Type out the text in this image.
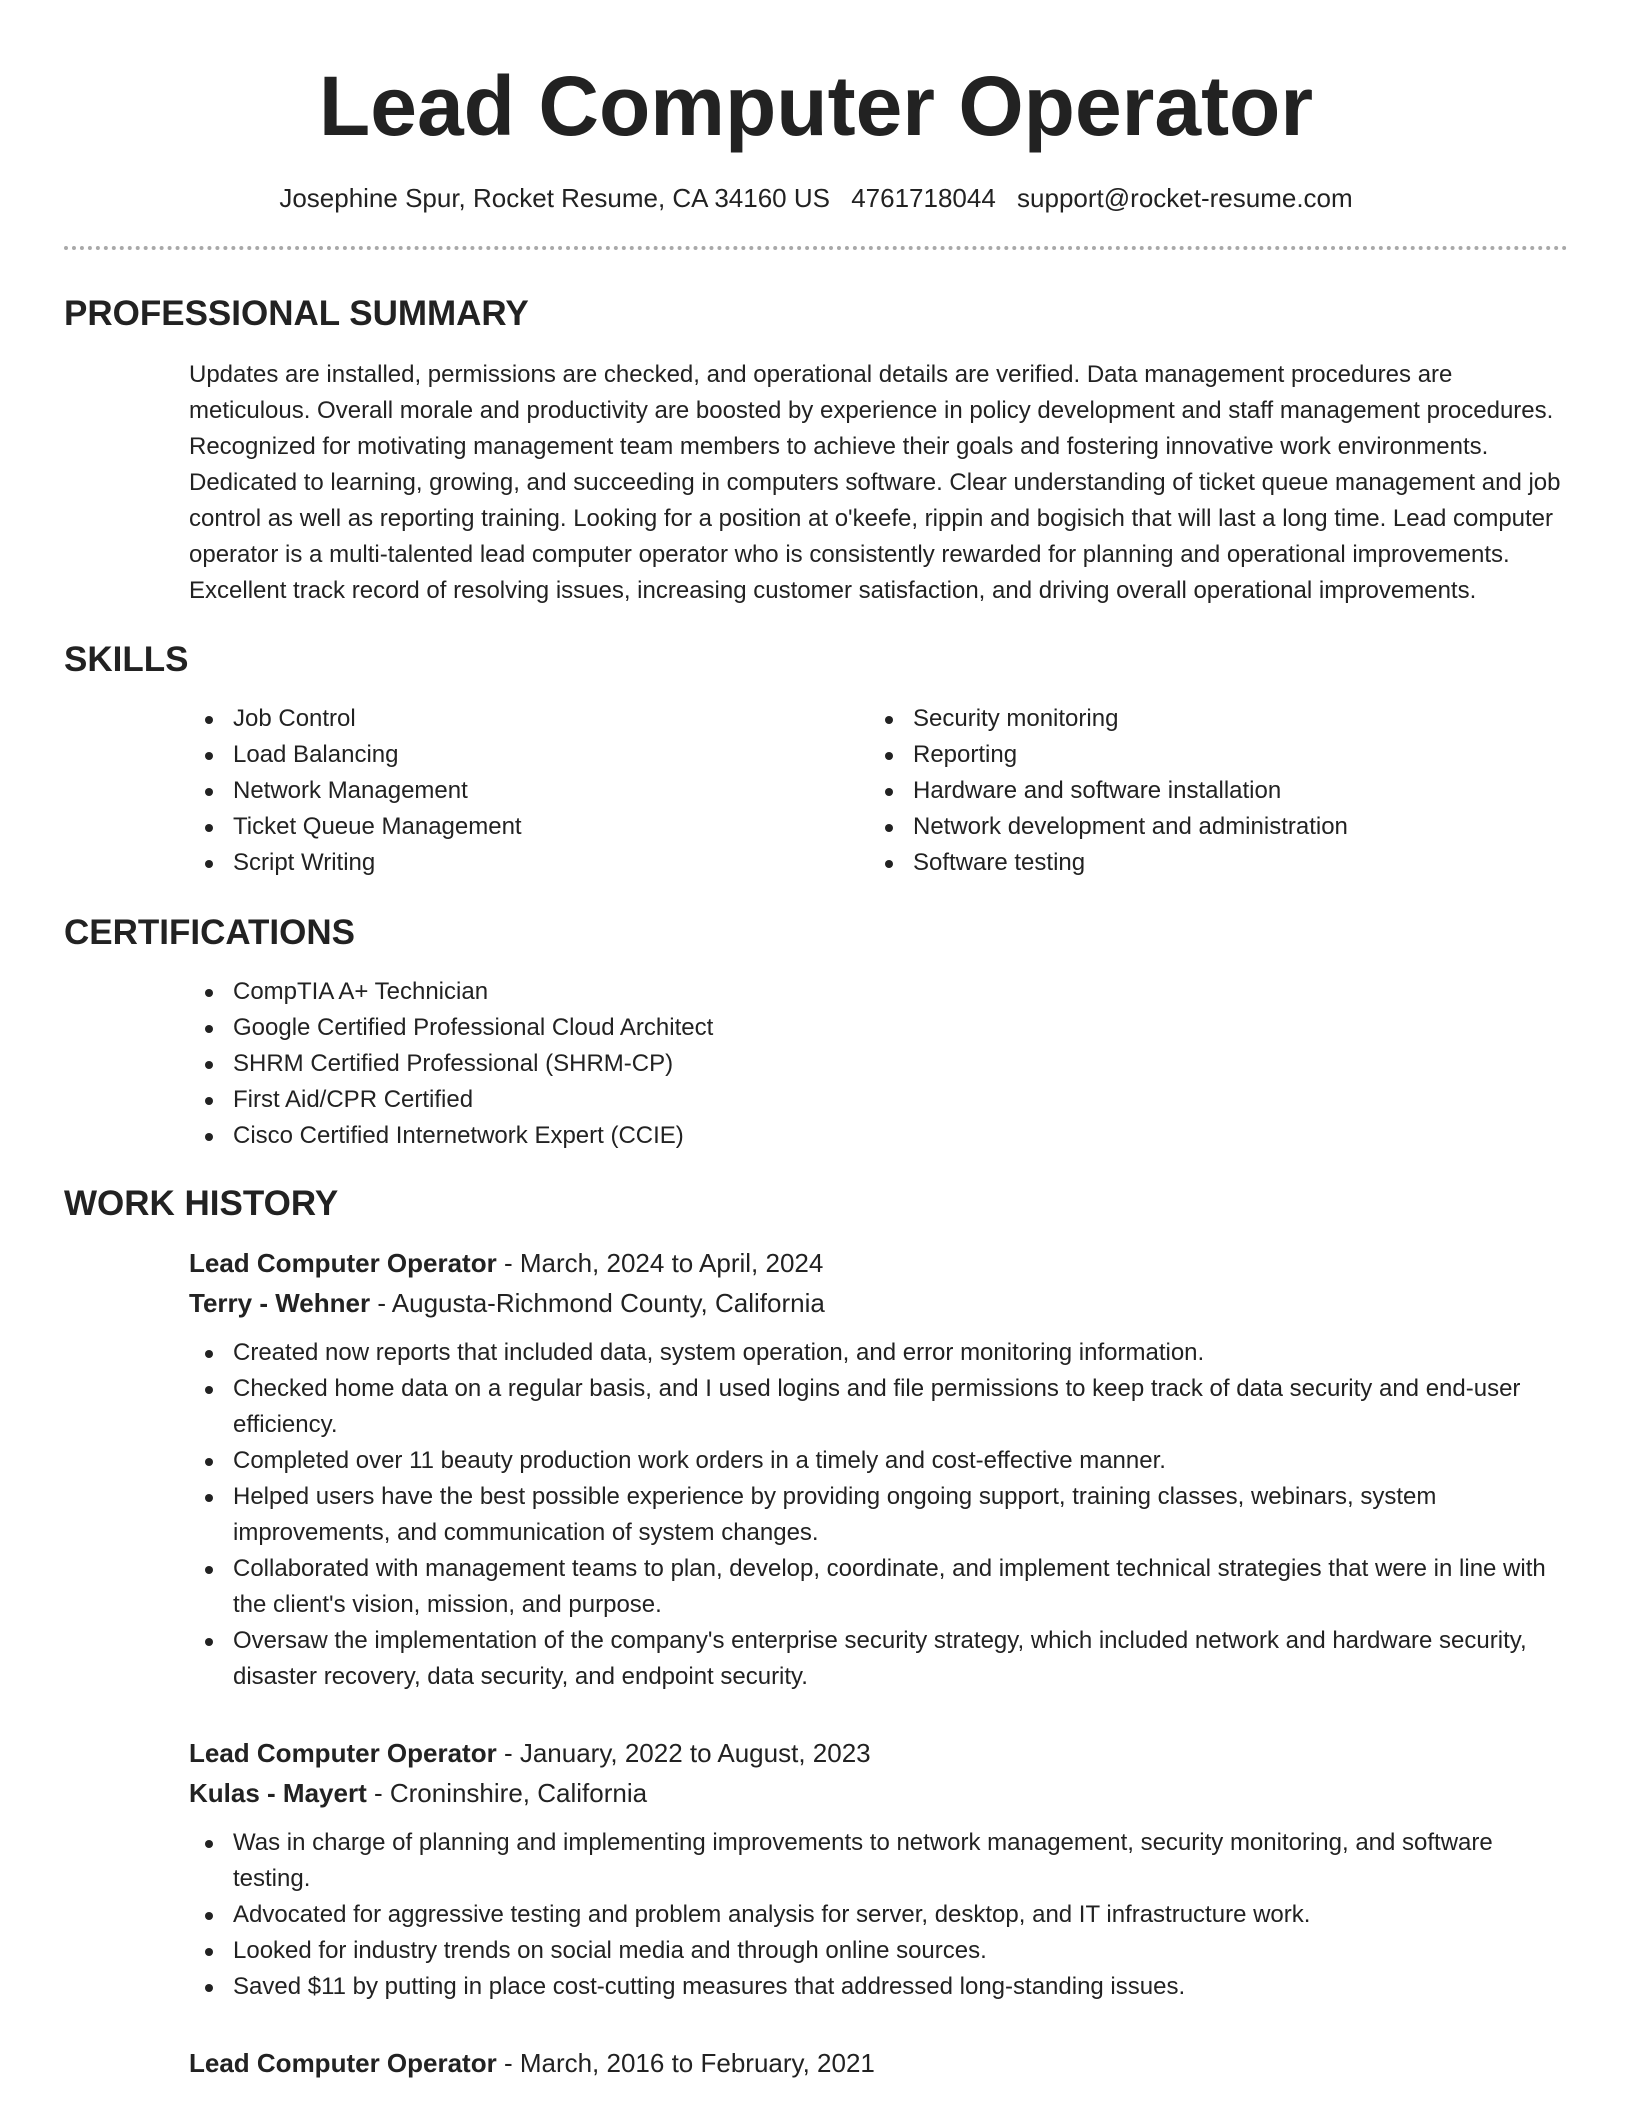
Lead Computer Operator
Josephine Spur, Rocket Resume, CA 34160 US 4761718044 support@rocket-resume.com
PROFESSIONAL SUMMARY
Updates are installed, permissions are checked, and operational details are verified. Data management procedures are meticulous. Overall morale and productivity are boosted by experience in policy development and staff management procedures. Recognized for motivating management team members to achieve their goals and fostering innovative work environments. Dedicated to learning, growing, and succeeding in computers software. Clear understanding of ticket queue management and job control as well as reporting training. Looking for a position at o'keefe, rippin and bogisich that will last a long time. Lead computer operator is a multi-talented lead computer operator who is consistently rewarded for planning and operational improvements. Excellent track record of resolving issues, increasing customer satisfaction, and driving overall operational improvements.
SKILLS
Job Control
Load Balancing
Network Management
Ticket Queue Management
Script Writing
Security monitoring
Reporting
Hardware and software installation
Network development and administration
Software testing
CERTIFICATIONS
CompTIA A+ Technician
Google Certified Professional Cloud Architect
SHRM Certified Professional (SHRM-CP)
First Aid/CPR Certified
Cisco Certified Internetwork Expert (CCIE)
WORK HISTORY
Lead Computer Operator - March, 2024 to April, 2024
Terry - Wehner - Augusta-Richmond County, California
Created now reports that included data, system operation, and error monitoring information.
Checked home data on a regular basis, and I used logins and file permissions to keep track of data security and end-user efficiency.
Completed over 11 beauty production work orders in a timely and cost-effective manner.
Helped users have the best possible experience by providing ongoing support, training classes, webinars, system improvements, and communication of system changes.
Collaborated with management teams to plan, develop, coordinate, and implement technical strategies that were in line with the client's vision, mission, and purpose.
Oversaw the implementation of the company's enterprise security strategy, which included network and hardware security, disaster recovery, data security, and endpoint security.
Lead Computer Operator - January, 2022 to August, 2023
Kulas - Mayert - Croninshire, California
Was in charge of planning and implementing improvements to network management, security monitoring, and software testing.
Advocated for aggressive testing and problem analysis for server, desktop, and IT infrastructure work.
Looked for industry trends on social media and through online sources.
Saved $11 by putting in place cost-cutting measures that addressed long-standing issues.
Lead Computer Operator - March, 2016 to February, 2021
